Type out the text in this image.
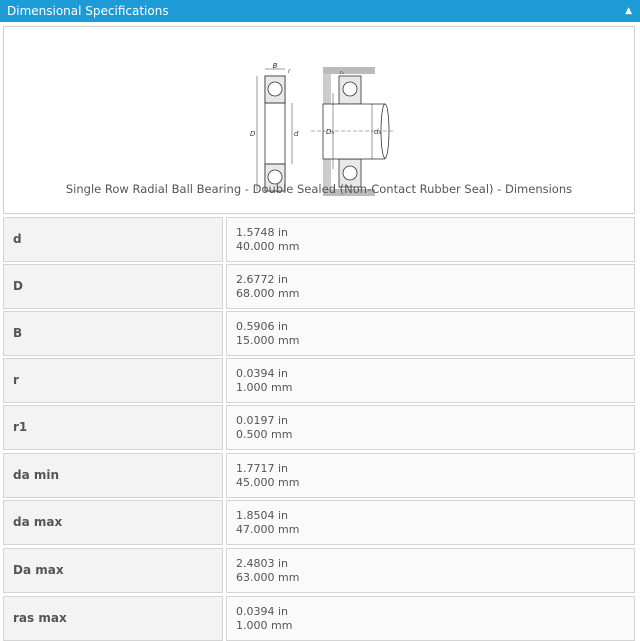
Dimensional Specifications	▲
B
r
D	d
rₐ
Dₐ	dₐ
Single Row Radial Ball Bearing - Double Sealed (Non-Contact Rubber Seal) - Dimensions
d	1.5748 in
40.000 mm
D	2.6772 in
68.000 mm
B	0.5906 in
15.000 mm
r	0.0394 in
1.000 mm
r1	0.0197 in
0.500 mm
da min	1.7717 in
45.000 mm
da max	1.8504 in
47.000 mm
Da max	2.4803 in
63.000 mm
ras max	0.0394 in
1.000 mm
